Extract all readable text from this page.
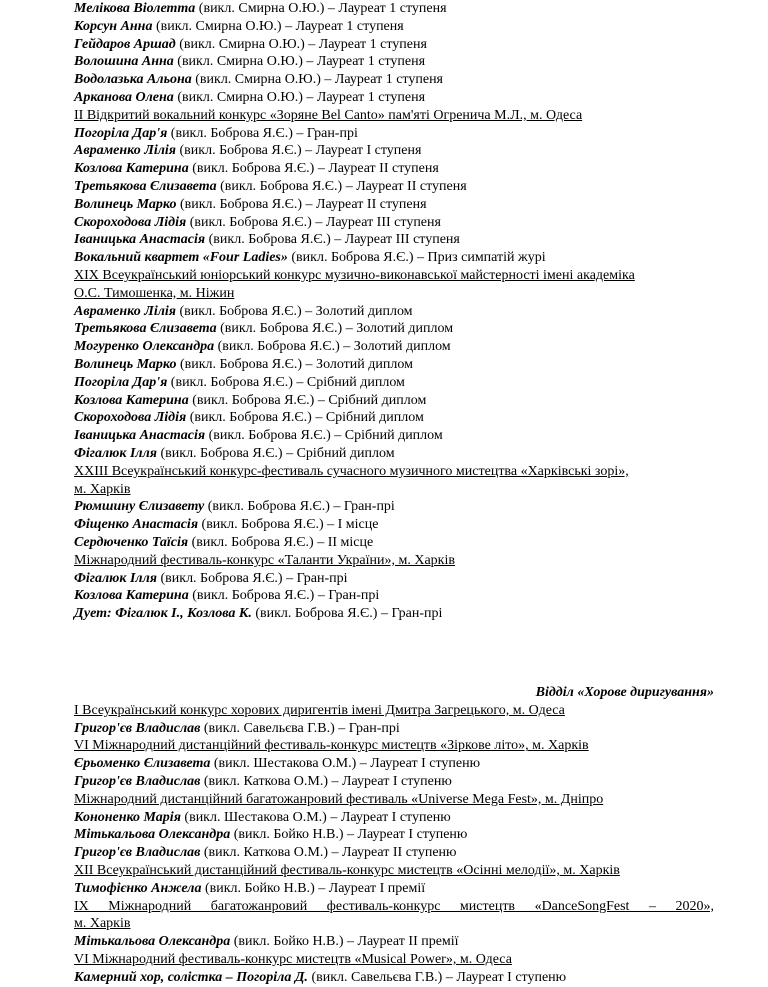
Мелікова Віолетта (викл. Смирна О.Ю.) – Лауреат 1 ступеня
Корсун Анна (викл. Смирна О.Ю.) – Лауреат 1 ступеня
Гейдаров Аршад (викл. Смирна О.Ю.) – Лауреат 1 ступеня
Волошина Анна (викл. Смирна О.Ю.) – Лауреат 1 ступеня
Водолазька Альона (викл. Смирна О.Ю.) – Лауреат 1 ступеня
Арканова Олена (викл. Смирна О.Ю.) – Лауреат 1 ступеня
ІІ Відкритий вокальний конкурс «Зоряне Bel Canto» пам'яті Огренича М.Л., м. Одеса
Погоріла Дар'я (викл. Боброва Я.Є.) – Гран-прі
Авраменко Лілія (викл. Боброва Я.Є.) – Лауреат І ступеня
Козлова Катерина (викл. Боброва Я.Є.) – Лауреат ІІ ступеня
Третьякова Єлизавета (викл. Боброва Я.Є.) – Лауреат ІІ ступеня
Волинець Марко (викл. Боброва Я.Є.) – Лауреат ІІ ступеня
Скороходова Лідія (викл. Боброва Я.Є.) – Лауреат ІІІ ступеня
Іваницька Анастасія (викл. Боброва Я.Є.) – Лауреат ІІІ ступеня
Вокальний квартет «Four Ladies» (викл. Боброва Я.Є.) – Приз симпатій журі
ХІХ Всеукраїнський юніорський конкурс музично-виконавської майстерності імені академіка
О.С. Тимошенка, м. Ніжин
Авраменко Лілія (викл. Боброва Я.Є.) – Золотий диплом
Третьякова Єлизавета (викл. Боброва Я.Є.) – Золотий диплом
Могуренко Олександра (викл. Боброва Я.Є.) – Золотий диплом
Волинець Марко (викл. Боброва Я.Є.) – Золотий диплом
Погоріла Дар'я (викл. Боброва Я.Є.) – Срібний диплом
Козлова Катерина (викл. Боброва Я.Є.) – Срібний диплом
Скороходова Лідія (викл. Боброва Я.Є.) – Срібний диплом
Іваницька Анастасія (викл. Боброва Я.Є.) – Срібний диплом
Фігалюк Ілля (викл. Боброва Я.Є.) – Срібний диплом
ХХІІІ Всеукраїнський конкурс-фестиваль сучасного музичного мистецтва «Харківські зорі»,
м. Харків
Рюмшину Єлизавету (викл. Боброва Я.Є.) – Гран-прі
Фіщенко Анастасія (викл. Боброва Я.Є.) – І місце
Сердюченко Таїсія (викл. Боброва Я.Є.) – ІІ місце
Міжнародний фестиваль-конкурс «Таланти України», м. Харків
Фігалюк Ілля (викл. Боброва Я.Є.) – Гран-прі
Козлова Катерина (викл. Боброва Я.Є.) – Гран-прі
Дует: Фігалюк І., Козлова К. (викл. Боброва Я.Є.) – Гран-прі
Відділ «Хорове диригування»
І Всеукраїнський конкурс хорових диригентів імені Дмитра Загрецького, м. Одеса
Григор'єв Владислав (викл. Савельєва Г.В.) – Гран-прі
VI Міжнародний дистанційний фестиваль-конкурс мистецтв «Зіркове літо», м. Харків
Єрьоменко Єлизавета (викл. Шестакова О.М.) – Лауреат І ступеню
Григор'єв Владислав (викл. Каткова О.М.) – Лауреат І ступеню
Міжнародний дистанційний багатожанровий фестиваль «Universe Mega Fest», м. Дніпро
Кононенко Марія (викл. Шестакова О.М.) – Лауреат І ступеню
Мітькальова Олександра (викл. Бойко Н.В.) – Лауреат І ступеню
Григор'єв Владислав (викл. Каткова О.М.) – Лауреат ІІ ступеню
ХІІ Всеукраїнський дистанційний фестиваль-конкурс мистецтв «Осінні мелодії», м. Харків
Тимофієнко Анжела (викл. Бойко Н.В.) – Лауреат І премії
ІХ Міжнародний багатожанровий фестиваль-конкурс мистецтв «DanceSongFest – 2020»,
м. Харків
Мітькальова Олександра (викл. Бойко Н.В.) – Лауреат ІІ премії
VI Міжнародний фестиваль-конкурс мистецтв «Musical Power», м. Одеса
Камерний хор, солістка – Погоріла Д. (викл. Савельєва Г.В.) – Лауреат І ступеню
